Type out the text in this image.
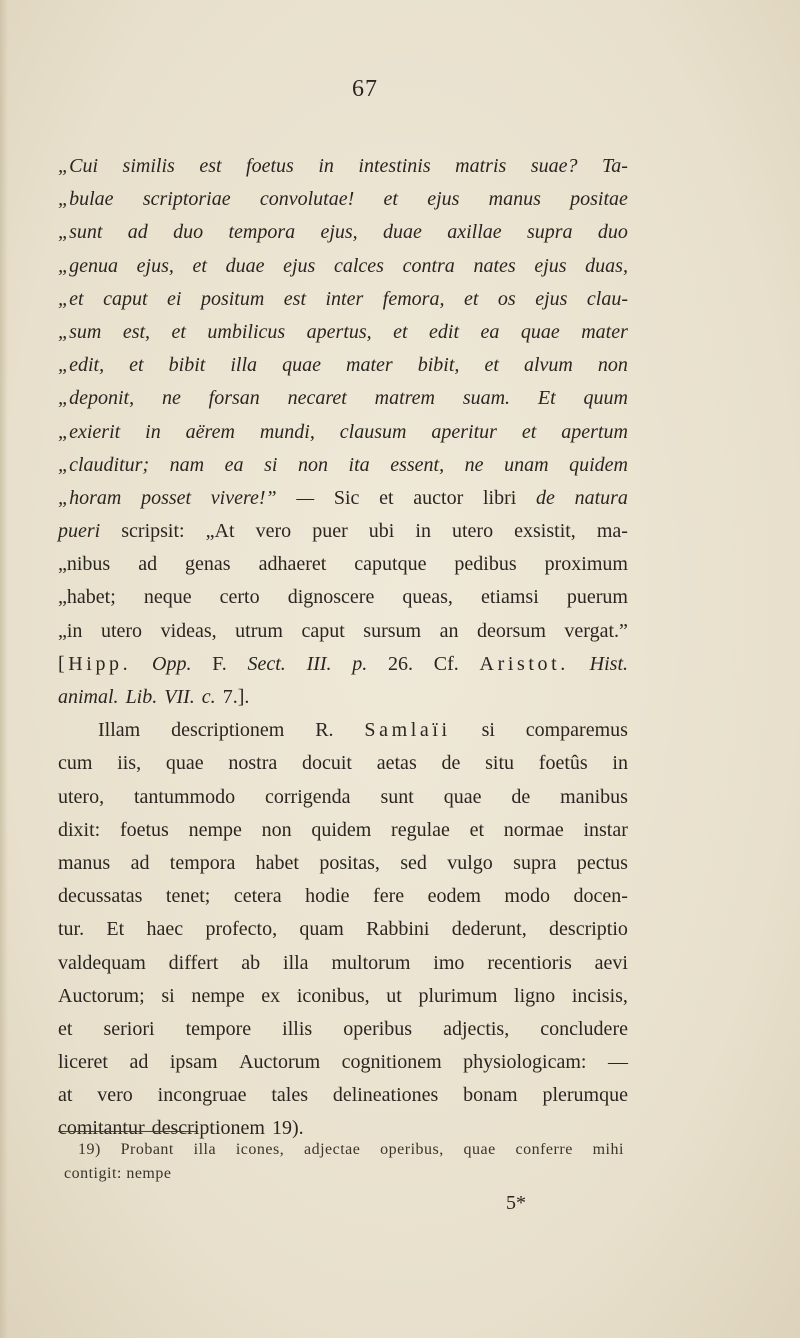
67
„Cui similis est foetus in intestinis matris suae? Ta-
„bulae scriptoriae convolutae! et ejus manus positae
„sunt ad duo tempora ejus, duae axillae supra duo
„genua ejus, et duae ejus calces contra nates ejus duas,
„et caput ei positum est inter femora, et os ejus clau-
„sum est, et umbilicus apertus, et edit ea quae mater
„edit, et bibit illa quae mater bibit, et alvum non
„deponit, ne forsan necaret matrem suam. Et quum
„exierit in aërem mundi, clausum aperitur et apertum
„clauditur; nam ea si non ita essent, ne unam quidem
„horam posset vivere!” — Sic et auctor libri de natura
pueri scripsit: „At vero puer ubi in utero exsistit, ma-
„nibus ad genas adhaeret caputque pedibus proximum
„habet; neque certo dignoscere queas, etiamsi puerum
„in utero videas, utrum caput sursum an deorsum vergat.”
[Hipp. Opp. F. Sect. III. p. 26. Cf. Aristot. Hist.
animal. Lib. VII. c. 7.].
Illam descriptionem R. Samlaïi si comparemus
cum iis, quae nostra docuit aetas de situ foetûs in
utero, tantummodo corrigenda sunt quae de manibus
dixit: foetus nempe non quidem regulae et normae instar
manus ad tempora habet positas, sed vulgo supra pectus
decussatas tenet; cetera hodie fere eodem modo docen-
tur. Et haec profecto, quam Rabbini dederunt, descriptio
valdequam differt ab illa multorum imo recentioris aevi
Auctorum; si nempe ex iconibus, ut plurimum ligno incisis,
et seriori tempore illis operibus adjectis, concludere
liceret ad ipsam Auctorum cognitionem physiologicam: —
at vero incongruae tales delineationes bonam plerumque
comitantur descriptionem 19).
19) Probant illa icones, adjectae operibus, quae conferre mihi
contigit: nempe
5*
